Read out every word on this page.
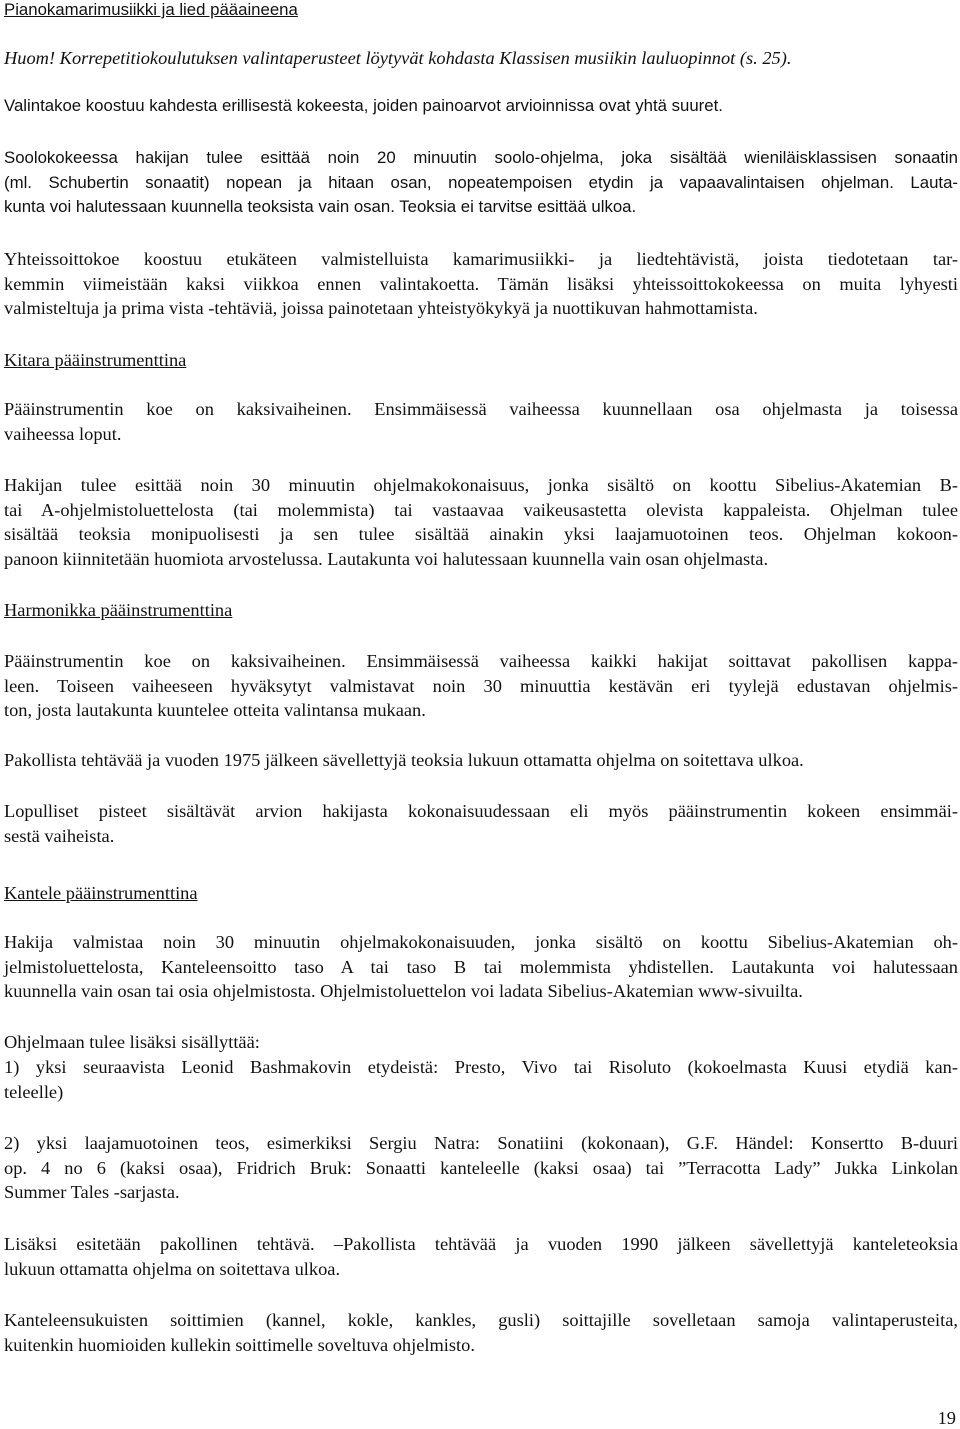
Pianokamarimusiikki ja lied pääaineena

Huom! Korrepetitiokoulutuksen valintaperusteet löytyvät kohdasta Klassisen musiikin lauluopinnot (s. 25).

Valintakoe koostuu kahdesta erillisestä kokeesta, joiden painoarvot arvioinnissa ovat yhtä suuret.

Soolokokeessa hakijan tulee esittää noin 20 minuutin soolo-ohjelma, joka sisältää wieniläisklassisen sonaatin
(ml. Schubertin sonaatit) nopean ja hitaan osan, nopeatempoisen etydin ja vapaavalintaisen ohjelman. Lauta-
kunta voi halutessaan kuunnella teoksista vain osan. Teoksia ei tarvitse esittää ulkoa.

Yhteissoittokoe koostuu etukäteen valmistelluista kamarimusiikki- ja liedtehtävistä, joista tiedotetaan tar-
kemmin viimeistään kaksi viikkoa ennen valintakoetta. Tämän lisäksi yhteissoittokokeessa on muita lyhyesti
valmisteltuja ja prima vista -tehtäviä, joissa painotetaan yhteistyökykyä ja nuottikuvan hahmottamista.

Kitara pääinstrumenttina

Pääinstrumentin koe on kaksivaiheinen. Ensimmäisessä vaiheessa kuunnellaan osa ohjelmasta ja toisessa
vaiheessa loput.

Hakijan tulee esittää noin 30 minuutin ohjelmakokonaisuus, jonka sisältö on koottu Sibelius-Akatemian B-
tai A-ohjelmistoluettelosta (tai molemmista) tai vastaavaa vaikeusastetta olevista kappaleista. Ohjelman tulee
sisältää teoksia monipuolisesti ja sen tulee sisältää ainakin yksi laajamuotoinen teos. Ohjelman kokoon-
panoon kiinnitetään huomiota arvostelussa. Lautakunta voi halutessaan kuunnella vain osan ohjelmasta.

Harmonikka pääinstrumenttina

Pääinstrumentin koe on kaksivaiheinen. Ensimmäisessä vaiheessa kaikki hakijat soittavat pakollisen kappa-
leen. Toiseen vaiheeseen hyväksytyt valmistavat noin 30 minuuttia kestävän eri tyylejä edustavan ohjelmis-
ton, josta lautakunta kuuntelee otteita valintansa mukaan.

Pakollista tehtävää ja vuoden 1975 jälkeen sävellettyjä teoksia lukuun ottamatta ohjelma on soitettava ulkoa.

Lopulliset pisteet sisältävät arvion hakijasta kokonaisuudessaan eli myös pääinstrumentin kokeen ensimmäi-
sestä vaiheista.

Kantele pääinstrumenttina

Hakija valmistaa noin 30 minuutin ohjelmakokonaisuuden, jonka sisältö on koottu Sibelius-Akatemian oh-
jelmistoluettelosta, Kanteleensoitto taso A tai taso B tai molemmista yhdistellen. Lautakunta voi halutessaan
kuunnella vain osan tai osia ohjelmistosta. Ohjelmistoluettelon voi ladata Sibelius-Akatemian www-sivuilta.

Ohjelmaan tulee lisäksi sisällyttää:

1) yksi seuraavista Leonid Bashmakovin etydeistä: Presto, Vivo tai Risoluto (kokoelmasta Kuusi etydiä kan-
teleelle)

2) yksi laajamuotoinen teos, esimerkiksi Sergiu Natra: Sonatiini (kokonaan), G.F. Händel: Konsertto B-duuri
op. 4 no 6 (kaksi osaa), Fridrich Bruk: Sonaatti kanteleelle (kaksi osaa) tai ”Terracotta Lady” Jukka Linkolan
Summer Tales -sarjasta.

Lisäksi esitetään pakollinen tehtävä. –Pakollista tehtävää ja vuoden 1990 jälkeen sävellettyjä kanteleteoksia
lukuun ottamatta ohjelma on soitettava ulkoa.

Kanteleensukuisten soittimien (kannel, kokle, kankles, gusli) soittajille sovelletaan samoja valintaperusteita,
kuitenkin huomioiden kullekin soittimelle soveltuva ohjelmisto.

19
